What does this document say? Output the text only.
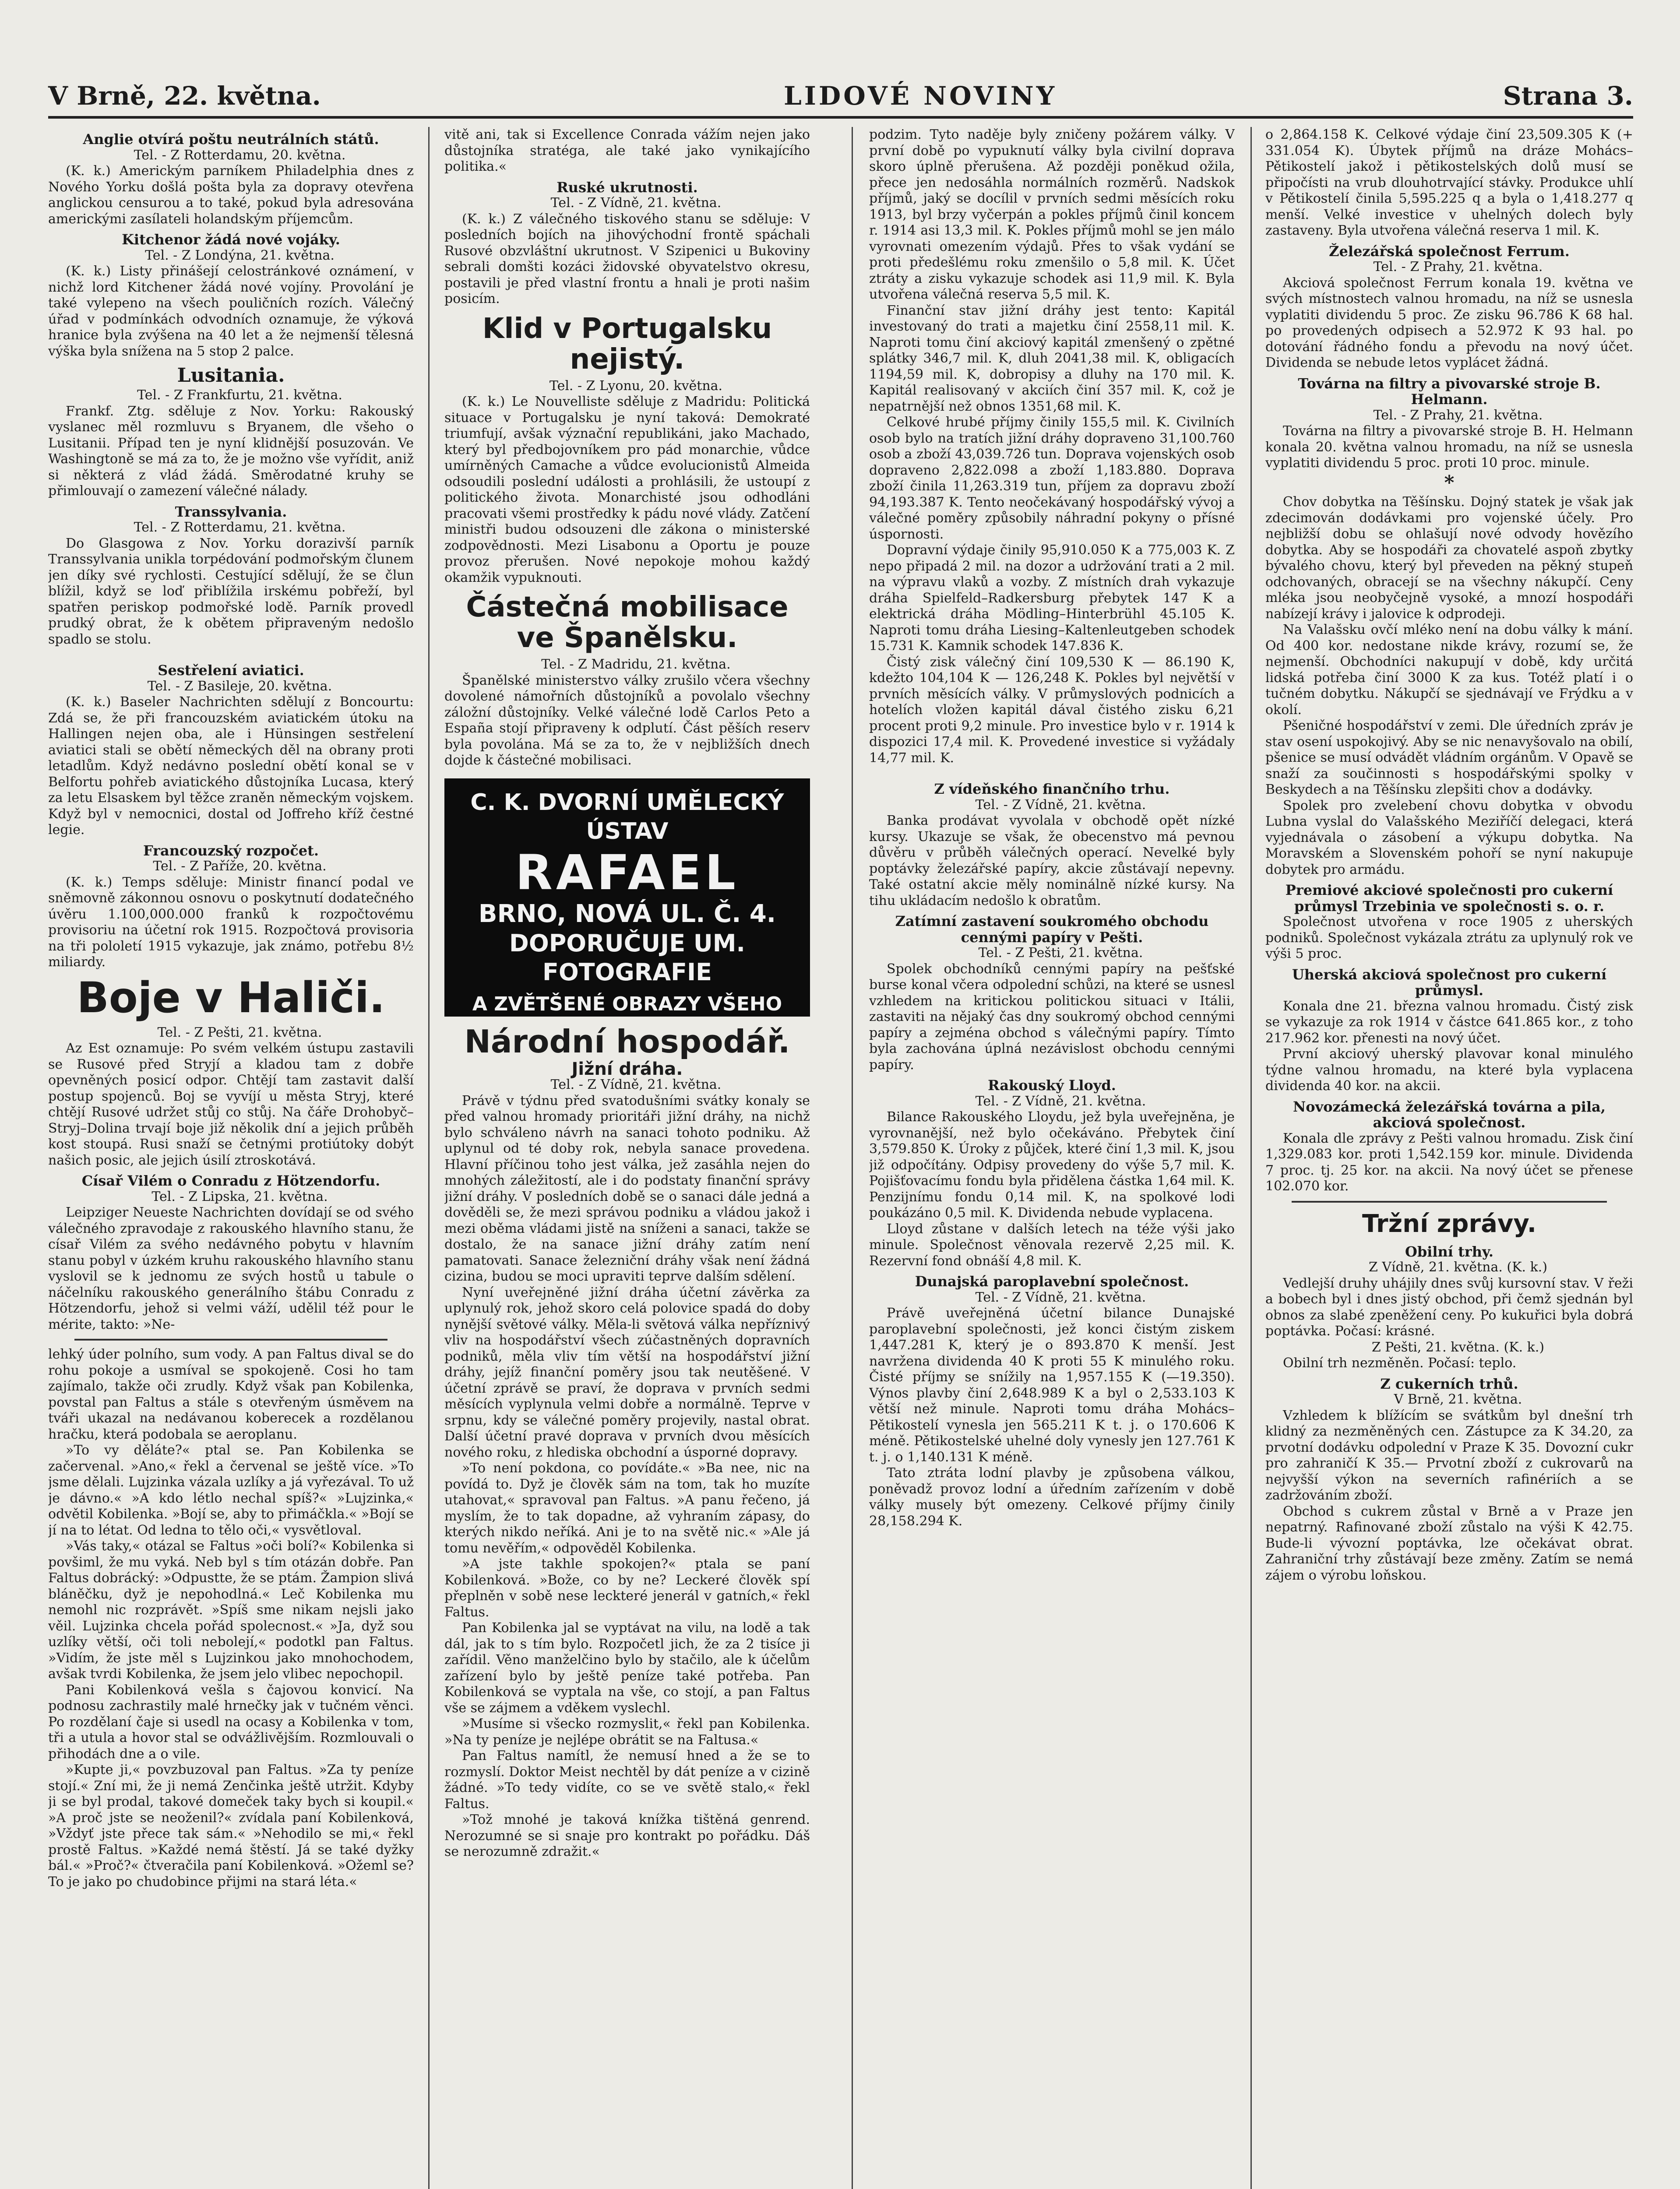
V Brně, 22. května.	LIDOVÉ NOVINY	Strana 3.
Anglie otvírá poštu neutrálních států.

Tel. - Z Rotterdamu, 20. května.

(K. k.) Americkým parníkem Philadelphia dnes z Nového Yorku došlá pošta byla za dopravy otevřena anglickou censurou a to také, pokud byla adresována americkými zasílateli holandským příjemcům.

Kitchenor žádá nové vojáky.

Tel. - Z Londýna, 21. května.

(K. k.) Listy přinášejí celostránkové oznámení, v nichž lord Kitchener žádá nové vojíny. Provolání je také vylepeno na všech pouličních rozích. Válečný úřad v podmínkách odvodních oznamuje, že výková hranice byla zvýšena na 40 let a že nejmenší tělesná výška byla snížena na 5 stop 2 palce.

Lusitania.

Tel. - Z Frankfurtu, 21. května.

Frankf. Ztg. sděluje z Nov. Yorku: Rakouský vyslanec měl rozmluvu s Bryanem, dle všeho o Lusitanii. Případ ten je nyní klidnější posuzován. Ve Washingtoně se má za to, že je možno vše vyřídit, aniž si některá z vlád žádá. Směrodatné kruhy se přimlouvají o zamezení válečné nálady.

Transsylvania.

Tel. - Z Rotterdamu, 21. května.

Do Glasgowa z Nov. Yorku dorazivší parník Transsylvania unikla torpédování podmořským člunem jen díky své rychlosti. Cestující sdělují, že se člun blížil, když se loď přiblížila irskému pobřeží, byl spatřen periskop podmořské lodě. Parník provedl prudký obrat, že k obětem připraveným nedošlo spadlo se stolu.

Sestřelení aviatici.

Tel. - Z Basileje, 20. května.

(K. k.) Baseler Nachrichten sdělují z Boncourtu: Zdá se, že při francouzském aviatickém útoku na Hallingen nejen oba, ale i Hünsingen sestřelení aviatici stali se obětí německých děl na obrany proti letadlům. Když nedávno poslední obětí konal se v Belfortu pohřeb aviatického důstojníka Lucasa, který za letu Elsaskem byl těžce zraněn německým vojskem. Když byl v nemocnici, dostal od Joffreho kříž čestné legie.

Francouzský rozpočet.

Tel. - Z Paříže, 20. května.

(K. k.) Temps sděluje: Ministr financí podal ve sněmovně zákonnou osnovu o poskytnutí dodatečného úvěru 1.100,000.000 franků k rozpočtovému provisoriu na účetní rok 1915. Rozpočtová provisoria na tři pololetí 1915 vykazuje, jak známo, potřebu 8½ miliardy.

Boje v Haliči.

Tel. - Z Pešti, 21. května.

Az Est oznamuje: Po svém velkém ústupu zastavili se Rusové před Stryjí a kladou tam z dobře opevněných posicí odpor. Chtějí tam zastavit další postup spojenců. Boj se vyvíjí u města Stryj, které chtějí Rusové udržet stůj co stůj. Na čáře Drohobyč–Stryj–Dolina trvají boje již několik dní a jejich průběh kost stoupá. Rusi snaží se četnými protiútoky dobýt našich posic, ale jejich úsilí ztroskotává.

Císař Vilém o Conradu z Hötzendorfu.

Tel. - Z Lipska, 21. května.

Leipziger Neueste Nachrichten dovídají se od svého válečného zpravodaje z rakouského hlavního stanu, že císař Vilém za svého nedávného pobytu v hlavním stanu pobyl v úzkém kruhu rakouského hlavního stanu vyslovil se k jednomu ze svých hostů u tabule o náčelníku rakouského generálního štábu Conradu z Hötzendorfu, jehož si velmi váží, udělil též pour le mérite, takto: »Ne-

lehký úder polního, sum vody. A pan Faltus dival se do rohu pokoje a usmíval se spokojeně. Cosi ho tam zajímalo, takže oči zrudly. Když však pan Kobilenka, povstal pan Faltus a stále s otevřeným úsměvem na tváři ukazal na nedávanou koberecek a rozdělanou hračku, která podobala se aeroplanu.

»To vy děláte?« ptal se. Pan Kobilenka se začervenal. »Ano,« řekl a červenal se ještě více. »To jsme dělali. Lujzinka vázala uzlíky a já vyřezával. To už je dávno.« »A kdo létlo nechal spíš?« »Lujzinka,« odvětil Kobilenka. »Bojí se, aby to přimáčkla.« »Bojí se jí na to létat. Od ledna to tělo oči,« vysvětloval.

»Vás taky,« otázal se Faltus »oči bolí?« Kobilenka si povšiml, že mu vyká. Neb byl s tím otázán dobře. Pan Faltus dobrácký: »Odpustte, že se ptám. Žampion slivá bláněčku, dyž je nepohodlná.« Leč Kobilenka mu nemohl nic rozprávět. »Spíš sme nikam nejsli jako věil. Lujzinka chcela pořád spolecnost.« »Ja, dyž sou uzlíky větší, oči toli nebolejí,« podotkl pan Faltus. »Vidím, že jste měl s Lujzinkou jako mnohochodem, avšak tvrdi Kobilenka, že jsem jelo vlibec nepochopil.

Pani Kobilenková vešla s čajovou konvicí. Na podnosu zachrastily malé hrnečky jak v tučném věnci. Po rozdělaní čaje si usedl na ocasy a Kobilenka v tom, tři a utula a hovor stal se odvážlivějším. Rozmlouvali o přihodách dne a o vile.

»Kupte ji,« povzbuzoval pan Faltus. »Za ty peníze stojí.« Zní mi, že ji nemá Zenčinka ještě utržit. Kdyby ji se byl prodal, takové domeček taky bych si koupil.« »A proč jste se neoženil?« zvídala paní Kobilenková, »Vždyť jste přece tak sám.« »Nehodilo se mi,« řekl prostě Faltus. »Každé nemá štěstí. Já se také dyžky bál.« »Proč?« čtveračila paní Kobilenková. »Ožeml se? To je jako po chudobince přijmi na stará léta.«

vitě ani, tak si Excellence Conrada vážím nejen jako důstojníka stratéga, ale také jako vynikajícího politika.«

Ruské ukrutnosti.

Tel. - Z Vídně, 21. května.

(K. k.) Z válečného tiskového stanu se sděluje: V posledních bojích na jihovýchodní frontě spáchali Rusové obzvláštní ukrutnost. V Szipenici u Bukoviny sebrali domšti kozáci židovské obyvatelstvo okresu, postavili je před vlastní frontu a hnali je proti našim posicím.

Klid v Portugalsku nejistý.

Tel. - Z Lyonu, 20. května.

(K. k.) Le Nouvelliste sděluje z Madridu: Politická situace v Portugalsku je nyní taková: Demokraté triumfují, avšak význační republikáni, jako Machado, který byl předbojovníkem pro pád monarchie, vůdce umírněných Camache a vůdce evolucionistů Almeida odsoudili poslední události a prohlásili, že ustoupí z politického života. Monarchisté jsou odhodláni pracovati všemi prostředky k pádu nové vlády. Zatčení ministři budou odsouzeni dle zákona o ministerské zodpovědnosti. Mezi Lisabonu a Oportu je pouze provoz přerušen. Nové nepokoje mohou každý okamžik vypuknouti.

Částečná mobilisace ve Španělsku.

Tel. - Z Madridu, 21. května.

Španělské ministerstvo války zrušilo včera všechny dovolené námořních důstojníků a povolalo všechny záložní důstojníky. Velké válečné lodě Carlos Peto a España stojí připraveny k odplutí. Část pěších reserv byla povolána. Má se za to, že v nejbližších dnech dojde k částečné mobilisaci.

C. K. DVORNÍ UMĚLECKÝ ÚSTAV
RAFAEL
BRNO, NOVÁ UL. Č. 4.
DOPORUČUJE UM. FOTOGRAFIE
A ZVĚTŠENÉ OBRAZY VŠEHO
Národní hospodář.
Jižní dráha.

Tel. - Z Vídně, 21. května.

Právě v týdnu před svatodušními svátky konaly se před valnou hromady prioritáři jižní dráhy, na nichž bylo schváleno návrh na sanaci tohoto podniku. Až uplynul od té doby rok, nebyla sanace provedena. Hlavní příčinou toho jest válka, jež zasáhla nejen do mnohých záležitostí, ale i do podstaty finanční správy jižní dráhy. V posledních době se o sanaci dále jedná a dověděli se, že mezi správou podniku a vládou jakož i mezi oběma vládami jistě na sníženi a sanaci, takže se dostalo, že na sanace jižní dráhy zatím není pamatovati. Sanace železniční dráhy však není žádná cizina, budou se moci upraviti teprve dalším sdělení.

Nyní uveřejněné jižní dráha účetní závěrka za uplynulý rok, jehož skoro celá polovice spadá do doby nynější světové války. Měla-li světová válka nepříznivý vliv na hospodářství všech zúčastněných dopravních podniků, měla vliv tím větší na hospodářství jižní dráhy, jejíž finanční poměry jsou tak neutěšené. V účetní zprávě se praví, že doprava v prvních sedmi měsících vyplynula velmi dobře a normálně. Teprve v srpnu, kdy se válečné poměry projevily, nastal obrat. Další účetní pravé doprava v prvních dvou měsících nového roku, z hlediska obchodní a úsporné dopravy.

»To není pokdona, co povídáte.« »Ba nee, nic na povídá to. Dyž je člověk sám na tom, tak ho muzíte utahovat,« spravoval pan Faltus. »A panu řečeno, já myslím, že to tak dopadne, až vyhraním zápasy, do kterých nikdo neříká. Ani je to na světě nic.« »Ale já tomu nevěřím,« odpověděl Kobilenka.

»A jste takhle spokojen?« ptala se paní Kobilenková. »Bože, co by ne? Leckeré člověk spí přeplněn v sobě nese leckteré jenerál v gatních,« řekl Faltus.

Pan Kobilenka jal se vyptávat na vilu, na lodě a tak dál, jak to s tím bylo. Rozpočetl jich, že za 2 tisíce ji zařídil. Věno manželčino bylo by stačilo, ale k účelům zařízení bylo by ještě peníze také potřeba. Pan Kobilenková se vyptala na vše, co stojí, a pan Faltus vše se zájmem a vděkem vyslechl.

»Musíme si všecko rozmyslit,« řekl pan Kobilenka. »Na ty peníze je nejlépe obrátit se na Faltusa.«

Pan Faltus namítl, že nemusí hned a že se to rozmyslí. Doktor Meist nechtěl by dát peníze a v cizině žádné. »To tedy vidíte, co se ve světě stalo,« řekl Faltus.

»Tož mnohé je taková knížka tištěná genrend. Nerozumné se si snaje pro kontrakt po pořádku. Dáš se nerozumně zdražit.«

podzim. Tyto naděje byly zničeny požárem války. V první době po vypuknutí války byla civilní doprava skoro úplně přerušena. Až později poněkud ožila, přece jen nedosáhla normálních rozměrů. Nadskok příjmů, jaký se docílil v prvních sedmi měsících roku 1913, byl brzy vyčerpán a pokles příjmů činil koncem r. 1914 asi 13,3 mil. K. Pokles příjmů mohl se jen málo vyrovnati omezením výdajů. Přes to však vydání se proti předešlému roku zmenšilo o 5,8 mil. K. Účet ztráty a zisku vykazuje schodek asi 11,9 mil. K. Byla utvořena válečná reserva 5,5 mil. K.

Finanční stav jižní dráhy jest tento: Kapitál investovaný do trati a majetku činí 2558,11 mil. K. Naproti tomu činí akciový kapitál zmenšený o zpětné splátky 346,7 mil. K, dluh 2041,38 mil. K, obligacích 1194,59 mil. K, dobropisy a dluhy na 170 mil. K. Kapitál realisovaný v akciích činí 357 mil. K, což je nepatrnější než obnos 1351,68 mil. K.

Celkové hrubé příjmy činily 155,5 mil. K. Civilních osob bylo na tratích jižní dráhy dopraveno 31,100.760 osob a zboží 43,039.726 tun. Doprava vojenských osob dopraveno 2,822.098 a zboží 1,183.880. Doprava zboží činila 11,263.319 tun, příjem za dopravu zboží 94,193.387 K. Tento neočekávaný hospodářský vývoj a válečné poměry způsobily náhradní pokyny o přísné úspornosti.

Dopravní výdaje činily 95,910.050 K a 775,003 K. Z nepo připadá 2 mil. na dozor a udržování trati a 2 mil. na výpravu vlaků a vozby. Z místních drah vykazuje dráha Spielfeld–Radkersburg přebytek 147 K a elektrická dráha Mödling–Hinterbrühl 45.105 K. Naproti tomu dráha Liesing–Kaltenleutgeben schodek 15.731 K. Kamnik schodek 147.836 K.

Čistý zisk válečný činí 109,530 K — 86.190 K, kdežto 104,104 K — 126,248 K. Pokles byl největší v prvních měsících války. V průmyslových podnicích a hotelích vložen kapitál dával čistého zisku 6,21 procent proti 9,2 minule. Pro investice bylo v r. 1914 k dispozici 17,4 mil. K. Provedené investice si vyžádaly 14,77 mil. K.

Z vídeňského finančního trhu.

Tel. - Z Vídně, 21. května.

Banka prodávat vyvolala v obchodě opět nízké kursy. Ukazuje se však, že obecenstvo má pevnou důvěru v průběh válečných operací. Nevelké byly poptávky železářské papíry, akcie zůstávají nepevny. Také ostatní akcie měly nominálně nízké kursy. Na tihu ukládacím nedošlo k obratům.

Zatímní zastavení soukromého obchodu cennými papíry v Pešti.

Tel. - Z Pešti, 21. května.

Spolek obchodníků cennými papíry na pešťské burse konal včera odpolední schůzi, na které se usnesl vzhledem na kritickou politickou situaci v Itálii, zastaviti na nějaký čas dny soukromý obchod cennými papíry a zejména obchod s válečnými papíry. Tímto byla zachována úplná nezávislost obchodu cennými papíry.

Rakouský Lloyd.

Tel. - Z Vídně, 21. května.

Bilance Rakouského Lloydu, jež byla uveřejněna, je vyrovnanější, než bylo očekáváno. Přebytek činí 3,579.850 K. Úroky z půjček, které činí 1,3 mil. K, jsou již odpočítány. Odpisy provedeny do výše 5,7 mil. K. Pojišťovacímu fondu byla přidělena částka 1,64 mil. K. Penzijnímu fondu 0,14 mil. K, na spolkové lodi poukázáno 0,5 mil. K. Dividenda nebude vyplacena.

Lloyd zůstane v dalších letech na téže výši jako minule. Společnost věnovala rezervě 2,25 mil. K. Rezervní fond obnáší 4,8 mil. K.

Dunajská paroplavební společnost.

Tel. - Z Vídně, 21. května.

Právě uveřejněná účetní bilance Dunajské paroplavební společnosti, jež konci čistým ziskem 1,447.281 K, který je o 893.870 K menší. Jest navržena dividenda 40 K proti 55 K minulého roku. Čisté příjmy se snížily na 1,957.155 K (—19.350). Výnos plavby činí 2,648.989 K a byl o 2,533.103 K větší než minule. Naproti tomu dráha Mohács–Pětikostelí vynesla jen 565.211 K t. j. o 170.606 K méně. Pětikostelské uhelné doly vynesly jen 127.761 K t. j. o 1,140.131 K méně.

Tato ztráta lodní plavby je způsobena válkou, poněvadž provoz lodní a úředním zařízením v době války musely být omezeny. Celkové příjmy činily 28,158.294 K.

o 2,864.158 K. Celkové výdaje činí 23,509.305 K (+ 331.054 K). Úbytek příjmů na dráze Mohács–Pětikostelí jakož i pětikostelských dolů musí se připočísti na vrub dlouhotrvající stávky. Produkce uhlí v Pětikostelí činila 5,595.225 q a byla o 1,418.277 q menší. Velké investice v uhelných dolech byly zastaveny. Byla utvořena válečná reserva 1 mil. K.

Železářská společnost Ferrum.

Tel. - Z Prahy, 21. května.

Akciová společnost Ferrum konala 19. května ve svých místnostech valnou hromadu, na níž se usnesla vyplatiti dividendu 5 proc. Ze zisku 96.786 K 68 hal. po provedených odpisech a 52.972 K 93 hal. po dotování řádného fondu a převodu na nový účet. Dividenda se nebude letos vyplácet žádná.

Továrna na filtry a pivovarské stroje B. Helmann.

Tel. - Z Prahy, 21. května.

Továrna na filtry a pivovarské stroje B. H. Helmann konala 20. května valnou hromadu, na níž se usnesla vyplatiti dividendu 5 proc. proti 10 proc. minule.

*

Chov dobytka na Těšínsku. Dojný statek je však jak zdecimován dodávkami pro vojenské účely. Pro nejbližší dobu se ohlašují nové odvody hovězího dobytka. Aby se hospodáři za chovatelé aspoň zbytky bývalého chovu, který byl převeden na pěkný stupeň odchovaných, obracejí se na všechny nákupčí. Ceny mléka jsou neobyčejně vysoké, a mnozí hospodáři nabízejí krávy i jalovice k odprodeji.

Na Valašsku ovčí mléko není na dobu války k mání. Od 400 kor. nedostane nikde krávy, rozumí se, že nejmenší. Obchodníci nakupují v době, kdy určitá lidská potřeba činí 3000 K za kus. Totéž platí i o tučném dobytku. Nákupčí se sjednávají ve Frýdku a v okolí.

Pšeničné hospodářství v zemi. Dle úředních zpráv je stav osení uspokojivý. Aby se nic nenavyšovalo na obilí, pšenice se musí odvádět vládním orgánům. V Opavě se snaží za součinnosti s hospodářskými spolky v Beskydech a na Těšínsku zlepšiti chov a dodávky.

Spolek pro zvelebení chovu dobytka v obvodu Lubna vyslal do Valašského Meziříčí delegaci, která vyjednávala o zásobení a výkupu dobytka. Na Moravském a Slovenském pohoří se nyní nakupuje dobytek pro armádu.

Premiové akciové společnosti pro cukerní průmysl Trzebinia ve společnosti s. o. r.

Společnost utvořena v roce 1905 z uherských podniků. Společnost vykázala ztrátu za uplynulý rok ve výši 5 proc.

Uherská akciová společnost pro cukerní průmysl.

Konala dne 21. března valnou hromadu. Čistý zisk se vykazuje za rok 1914 v částce 641.865 kor., z toho 217.962 kor. přenesti na nový účet.

První akciový uherský plavovar konal minulého týdne valnou hromadu, na které byla vyplacena dividenda 40 kor. na akcii.

Novozámecká železářská továrna a pila, akciová společnost.

Konala dle zprávy z Pešti valnou hromadu. Zisk činí 1,329.083 kor. proti 1,542.159 kor. minule. Dividenda 7 proc. tj. 25 kor. na akcii. Na nový účet se přenese 102.070 kor.

Tržní zprávy.
Obilní trhy.

Z Vídně, 21. května. (K. k.)

Vedlejší druhy uhájily dnes svůj kursovní stav. V řeži a bobech byl i dnes jistý obchod, při čemž sjednán byl obnos za slabé zpeněžení ceny. Po kukuřici byla dobrá poptávka. Počasí: krásné.

Z Pešti, 21. května. (K. k.)

Obilní trh nezměněn. Počasí: teplo.

Z cukerních trhů.

V Brně, 21. května.

Vzhledem k blížícím se svátkům byl dnešní trh klidný za nezměněných cen. Zástupce za K 34.20, za prvotní dodávku odpolední v Praze K 35. Dovozní cukr pro zahraničí K 35.— Prvotní zboží z cukrovarů na nejvyšší výkon na severních rafinériích a se zadržováním zboží.

Obchod s cukrem zůstal v Brně a v Praze jen nepatrný. Rafinované zboží zůstalo na výši K 42.75. Bude-li vývozní poptávka, lze očekávat obrat. Zahraniční trhy zůstávají beze změny. Zatím se nemá zájem o výrobu loňskou.
